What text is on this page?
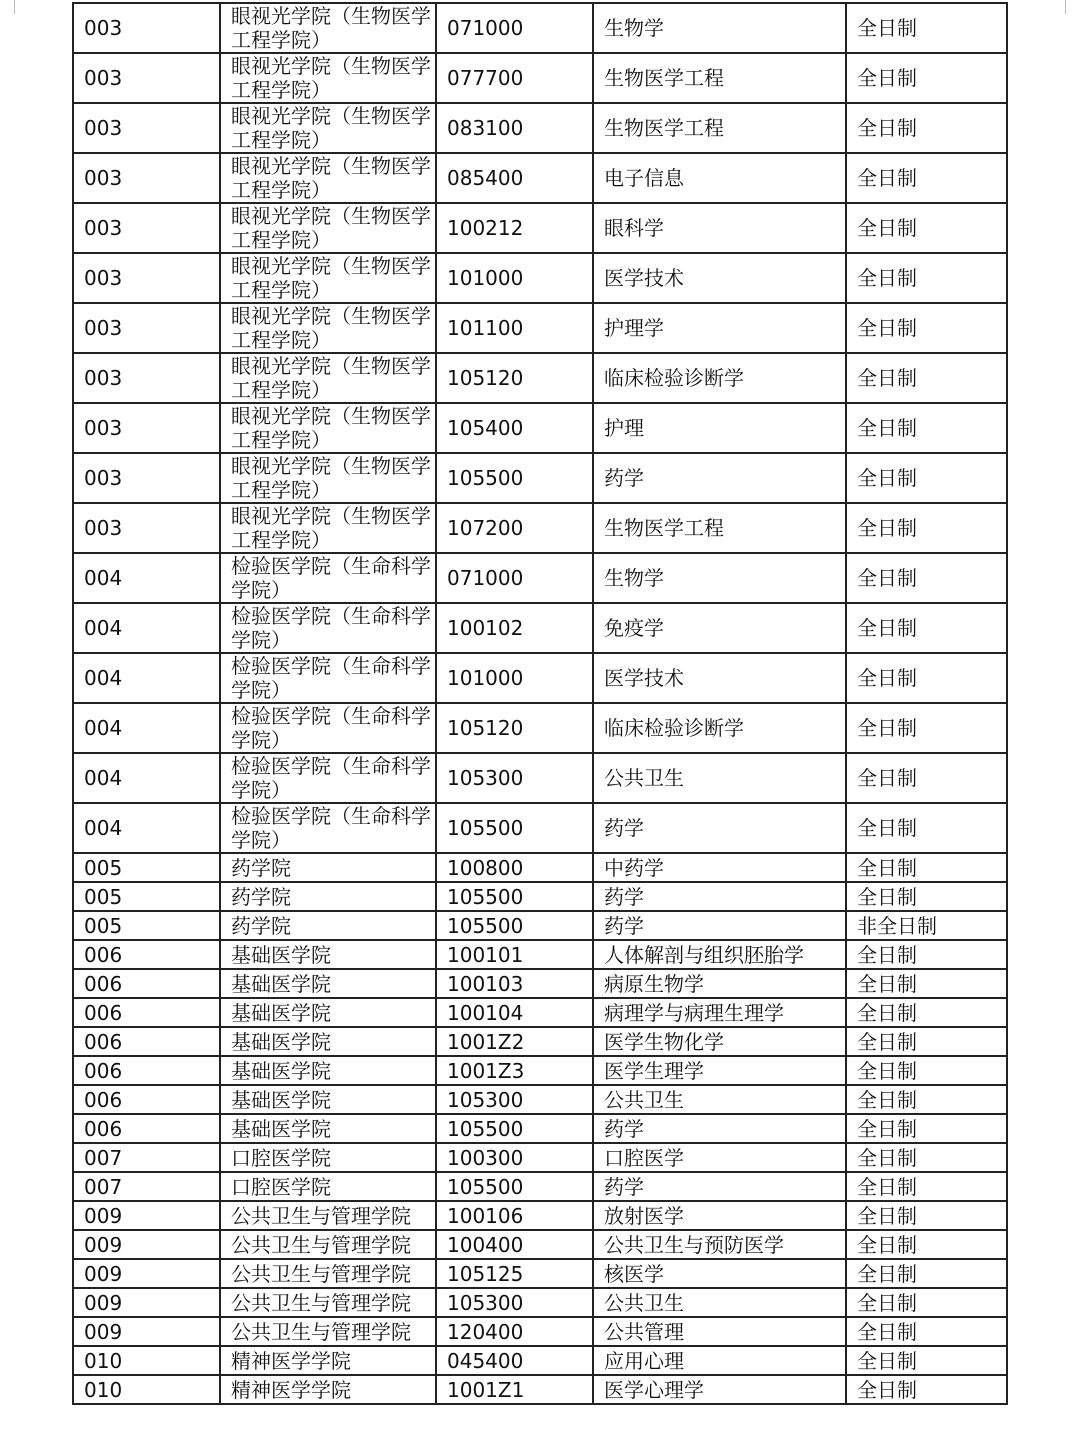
003	眼视光学院（生物医学工程学院）	071000	生物学	全日制
003	眼视光学院（生物医学工程学院）	077700	生物医学工程	全日制
003	眼视光学院（生物医学工程学院）	083100	生物医学工程	全日制
003	眼视光学院（生物医学工程学院）	085400	电子信息	全日制
003	眼视光学院（生物医学工程学院）	100212	眼科学	全日制
003	眼视光学院（生物医学工程学院）	101000	医学技术	全日制
003	眼视光学院（生物医学工程学院）	101100	护理学	全日制
003	眼视光学院（生物医学工程学院）	105120	临床检验诊断学	全日制
003	眼视光学院（生物医学工程学院）	105400	护理	全日制
003	眼视光学院（生物医学工程学院）	105500	药学	全日制
003	眼视光学院（生物医学工程学院）	107200	生物医学工程	全日制
004	检验医学院（生命科学学院）	071000	生物学	全日制
004	检验医学院（生命科学学院）	100102	免疫学	全日制
004	检验医学院（生命科学学院）	101000	医学技术	全日制
004	检验医学院（生命科学学院）	105120	临床检验诊断学	全日制
004	检验医学院（生命科学学院）	105300	公共卫生	全日制
004	检验医学院（生命科学学院）	105500	药学	全日制
005	药学院	100800	中药学	全日制
005	药学院	105500	药学	全日制
005	药学院	105500	药学	非全日制
006	基础医学院	100101	人体解剖与组织胚胎学	全日制
006	基础医学院	100103	病原生物学	全日制
006	基础医学院	100104	病理学与病理生理学	全日制
006	基础医学院	1001Z2	医学生物化学	全日制
006	基础医学院	1001Z3	医学生理学	全日制
006	基础医学院	105300	公共卫生	全日制
006	基础医学院	105500	药学	全日制
007	口腔医学院	100300	口腔医学	全日制
007	口腔医学院	105500	药学	全日制
009	公共卫生与管理学院	100106	放射医学	全日制
009	公共卫生与管理学院	100400	公共卫生与预防医学	全日制
009	公共卫生与管理学院	105125	核医学	全日制
009	公共卫生与管理学院	105300	公共卫生	全日制
009	公共卫生与管理学院	120400	公共管理	全日制
010	精神医学学院	045400	应用心理	全日制
010	精神医学学院	1001Z1	医学心理学	全日制
